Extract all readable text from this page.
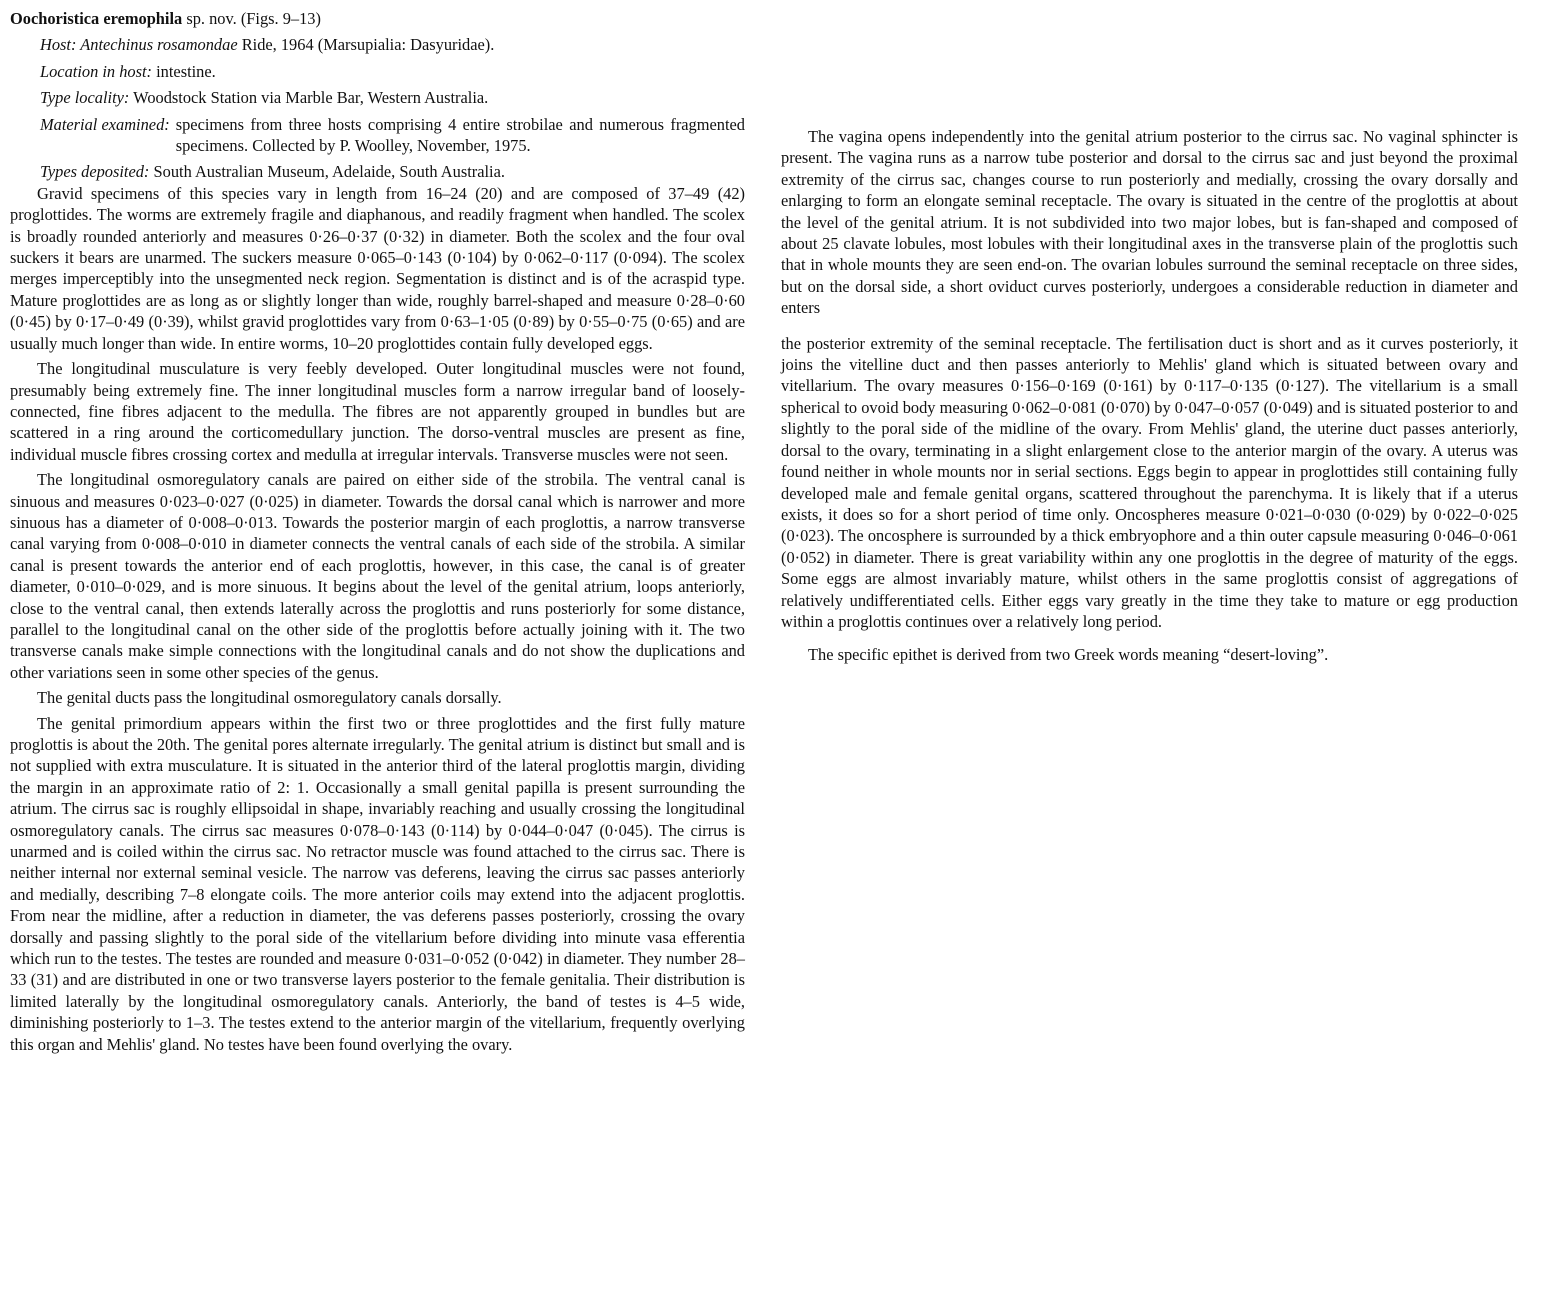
Oochoristica eremophila sp. nov. (Figs. 9–13)

Host: Antechinus rosamondae Ride, 1964 (Marsupialia: Dasyuridae).

Location in host: intestine.

Type locality: Woodstock Station via Marble Bar, Western Australia.

Material examined: specimens from three hosts comprising 4 entire strobilae and numerous fragmented specimens. Collected by P. Woolley, November, 1975.

Types deposited: South Australian Museum, Adelaide, South Australia.

Gravid specimens of this species vary in length from 16–24 (20) and are composed of 37–49 (42) proglottides. The worms are extremely fragile and diaphanous, and readily fragment when handled. The scolex is broadly rounded anteriorly and measures 0·26–0·37 (0·32) in diameter. Both the scolex and the four oval suckers it bears are unarmed. The suckers measure 0·065–0·143 (0·104) by 0·062–0·117 (0·094). The scolex merges imperceptibly into the unsegmented neck region. Segmentation is distinct and is of the acraspid type. Mature proglottides are as long as or slightly longer than wide, roughly barrel-shaped and measure 0·28–0·60 (0·45) by 0·17–0·49 (0·39), whilst gravid proglottides vary from 0·63–1·05 (0·89) by 0·55–0·75 (0·65) and are usually much longer than wide. In entire worms, 10–20 proglottides contain fully developed eggs.

The longitudinal musculature is very feebly developed. Outer longitudinal muscles were not found, presumably being extremely fine. The inner longitudinal muscles form a narrow irregular band of loosely-connected, fine fibres adjacent to the medulla. The fibres are not apparently grouped in bundles but are scattered in a ring around the corticomedullary junction. The dorso-ventral muscles are present as fine, individual muscle fibres crossing cortex and medulla at irregular intervals. Transverse muscles were not seen.

The longitudinal osmoregulatory canals are paired on either side of the strobila. The ventral canal is sinuous and measures 0·023–0·027 (0·025) in diameter. Towards the dorsal canal which is narrower and more sinuous has a diameter of 0·008–0·013. Towards the posterior margin of each proglottis, a narrow transverse canal varying from 0·008–0·010 in diameter connects the ventral canals of each side of the strobila. A similar canal is present towards the anterior end of each proglottis, however, in this case, the canal is of greater diameter, 0·010–0·029, and is more sinuous. It begins about the level of the genital atrium, loops anteriorly, close to the ventral canal, then extends laterally across the proglottis and runs posteriorly for some distance, parallel to the longitudinal canal on the other side of the proglottis before actually joining with it. The two transverse canals make simple connections with the longitudinal canals and do not show the duplications and other variations seen in some other species of the genus.

The genital ducts pass the longitudinal osmoregulatory canals dorsally.

The genital primordium appears within the first two or three proglottides and the first fully mature proglottis is about the 20th. The genital pores alternate irregularly. The genital atrium is distinct but small and is not supplied with extra musculature. It is situated in the anterior third of the lateral proglottis margin, dividing the margin in an approximate ratio of 2: 1. Occasionally a small genital papilla is present surrounding the atrium. The cirrus sac is roughly ellipsoidal in shape, invariably reaching and usually crossing the longitudinal osmoregulatory canals. The cirrus sac measures 0·078–0·143 (0·114) by 0·044–0·047 (0·045). The cirrus is unarmed and is coiled within the cirrus sac. No retractor muscle was found attached to the cirrus sac. There is neither internal nor external seminal vesicle. The narrow vas deferens, leaving the cirrus sac passes anteriorly and medially, describing 7–8 elongate coils. The more anterior coils may extend into the adjacent proglottis. From near the midline, after a reduction in diameter, the vas deferens passes posteriorly, crossing the ovary dorsally and passing slightly to the poral side of the vitellarium before dividing into minute vasa efferentia which run to the testes. The testes are rounded and measure 0·031–0·052 (0·042) in diameter. They number 28–33 (31) and are distributed in one or two transverse layers posterior to the female genitalia. Their distribution is limited laterally by the longitudinal osmoregulatory canals. Anteriorly, the band of testes is 4–5 wide, diminishing posteriorly to 1–3. The testes extend to the anterior margin of the vitellarium, frequently overlying this organ and Mehlis' gland. No testes have been found overlying the ovary.

The vagina opens independently into the genital atrium posterior to the cirrus sac. No vaginal sphincter is present. The vagina runs as a narrow tube posterior and dorsal to the cirrus sac and just beyond the proximal extremity of the cirrus sac, changes course to run posteriorly and medially, crossing the ovary dorsally and enlarging to form an elongate seminal receptacle. The ovary is situated in the centre of the proglottis at about the level of the genital atrium. It is not subdivided into two major lobes, but is fan-shaped and composed of about 25 clavate lobules, most lobules with their longitudinal axes in the transverse plain of the proglottis such that in whole mounts they are seen end-on. The ovarian lobules surround the seminal receptacle on three sides, but on the dorsal side, a short oviduct curves posteriorly, undergoes a considerable reduction in diameter and enters

the posterior extremity of the seminal receptacle. The fertilisation duct is short and as it curves posteriorly, it joins the vitelline duct and then passes anteriorly to Mehlis' gland which is situated between ovary and vitellarium. The ovary measures 0·156–0·169 (0·161) by 0·117–0·135 (0·127). The vitellarium is a small spherical to ovoid body measuring 0·062–0·081 (0·070) by 0·047–0·057 (0·049) and is situated posterior to and slightly to the poral side of the midline of the ovary. From Mehlis' gland, the uterine duct passes anteriorly, dorsal to the ovary, terminating in a slight enlargement close to the anterior margin of the ovary. A uterus was found neither in whole mounts nor in serial sections. Eggs begin to appear in proglottides still containing fully developed male and female genital organs, scattered throughout the parenchyma. It is likely that if a uterus exists, it does so for a short period of time only. Oncospheres measure 0·021–0·030 (0·029) by 0·022–0·025 (0·023). The oncosphere is surrounded by a thick embryophore and a thin outer capsule measuring 0·046–0·061 (0·052) in diameter. There is great variability within any one proglottis in the degree of maturity of the eggs. Some eggs are almost invariably mature, whilst others in the same proglottis consist of aggregations of relatively undifferentiated cells. Either eggs vary greatly in the time they take to mature or egg production within a proglottis continues over a relatively long period.

The specific epithet is derived from two Greek words meaning “desert-loving”.
